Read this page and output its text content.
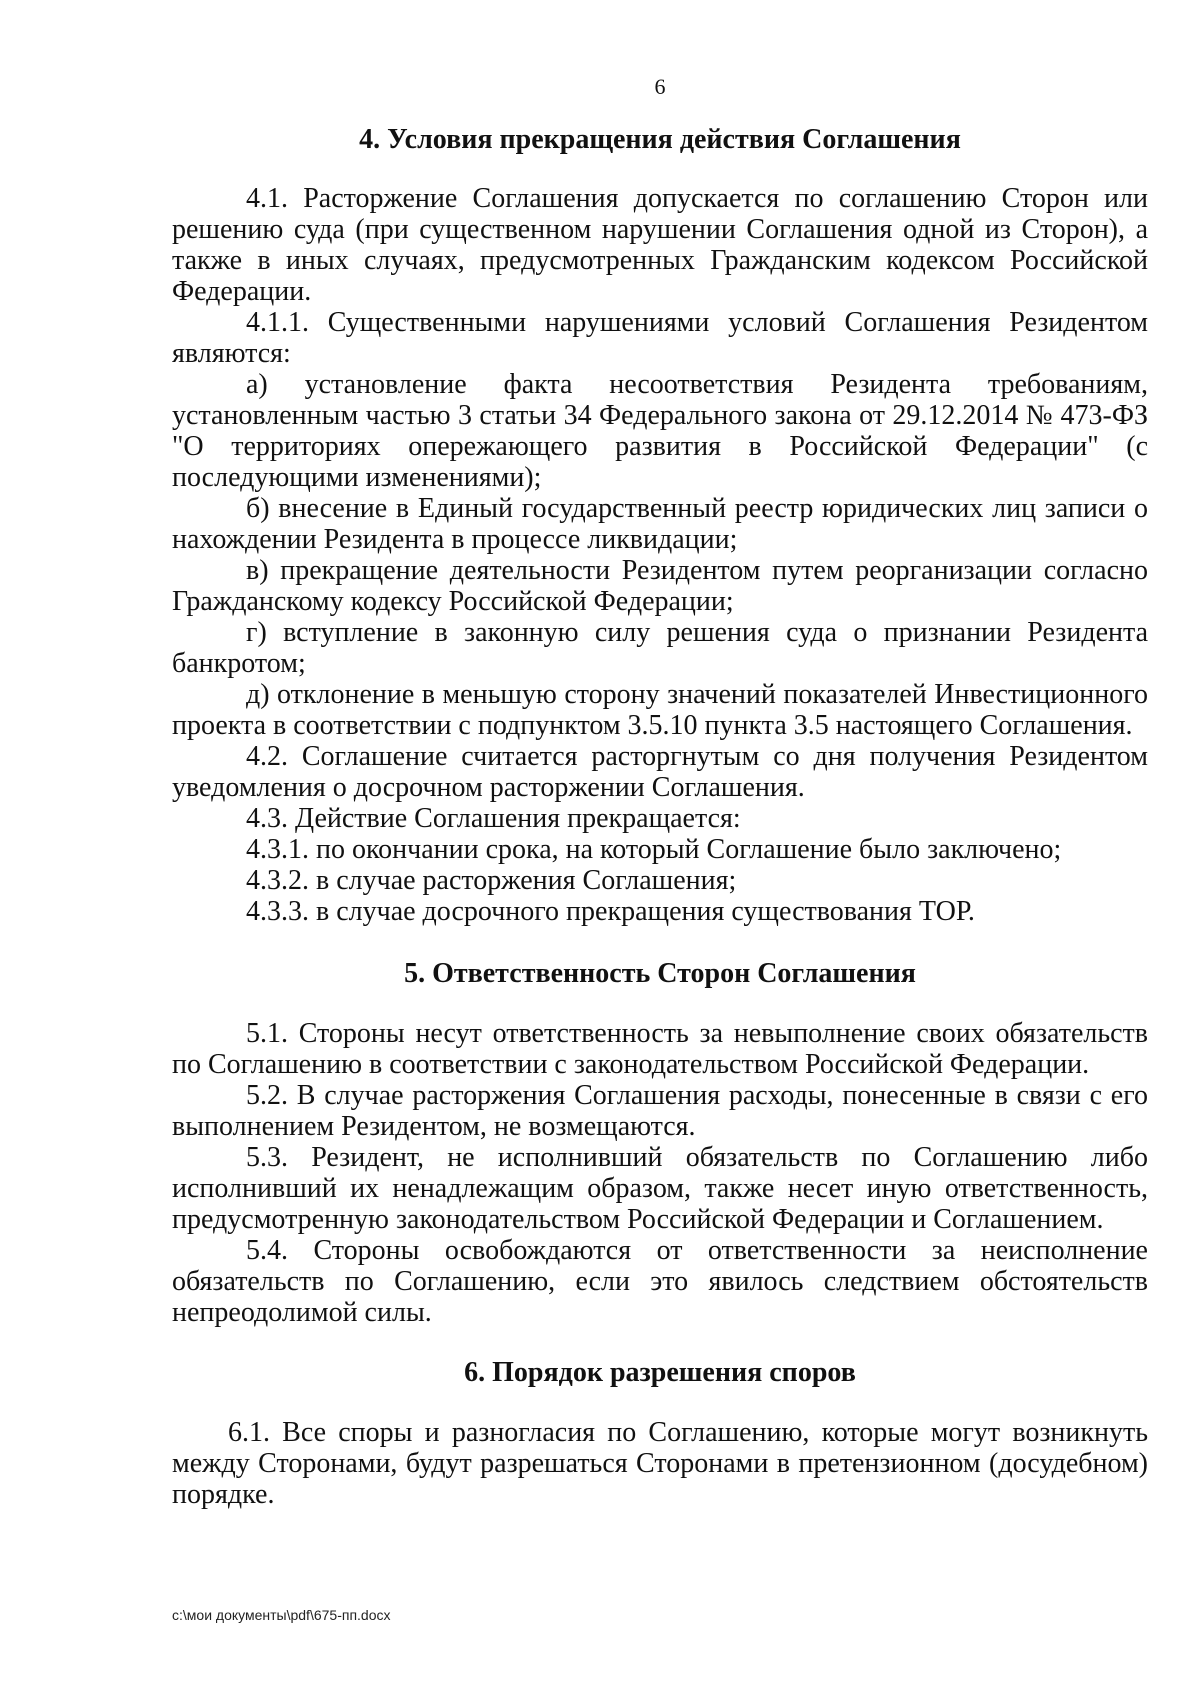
6
4. Условия прекращения действия Соглашения

4.1. Расторжение Соглашения допускается по соглашению Сторон или решению суда (при существенном нарушении Соглашения одной из Сторон), а также в иных случаях, предусмотренных Гражданским кодексом Российской Федерации.

4.1.1. Существенными нарушениями условий Соглашения Резидентом являются:

а) установление факта несоответствия Резидента требованиям, установленным частью 3 статьи 34 Федерального закона от 29.12.2014 № 473-ФЗ "О территориях опережающего развития в Российской Федерации" (с последующими изменениями);

б) внесение в Единый государственный реестр юридических лиц записи о нахождении Резидента в процессе ликвидации;

в) прекращение деятельности Резидентом путем реорганизации согласно Гражданскому кодексу Российской Федерации;

г) вступление в законную силу решения суда о признании Резидента банкротом;

д) отклонение в меньшую сторону значений показателей Инвестиционного проекта в соответствии с подпунктом 3.5.10 пункта 3.5 настоящего Соглашения.

4.2. Соглашение считается расторгнутым со дня получения Резидентом уведомления о досрочном расторжении Соглашения.

4.3. Действие Соглашения прекращается:

4.3.1. по окончании срока, на который Соглашение было заключено;

4.3.2. в случае расторжения Соглашения;

4.3.3. в случае досрочного прекращения существования ТОР.

5. Ответственность Сторон Соглашения

5.1. Стороны несут ответственность за невыполнение своих обязательств по Соглашению в соответствии с законодательством Российской Федерации.

5.2. В случае расторжения Соглашения расходы, понесенные в связи с его выполнением Резидентом, не возмещаются.

5.3. Резидент, не исполнивший обязательств по Соглашению либо исполнивший их ненадлежащим образом, также несет иную ответственность, предусмотренную законодательством Российской Федерации и Соглашением.

5.4. Стороны освобождаются от ответственности за неисполнение обязательств по Соглашению, если это явилось следствием обстоятельств непреодолимой силы.

6. Порядок разрешения споров

6.1. Все споры и разногласия по Соглашению, которые могут возникнуть между Сторонами, будут разрешаться Сторонами в претензионном (досудебном) порядке.

c:\мои документы\pdf\675-пп.docx
